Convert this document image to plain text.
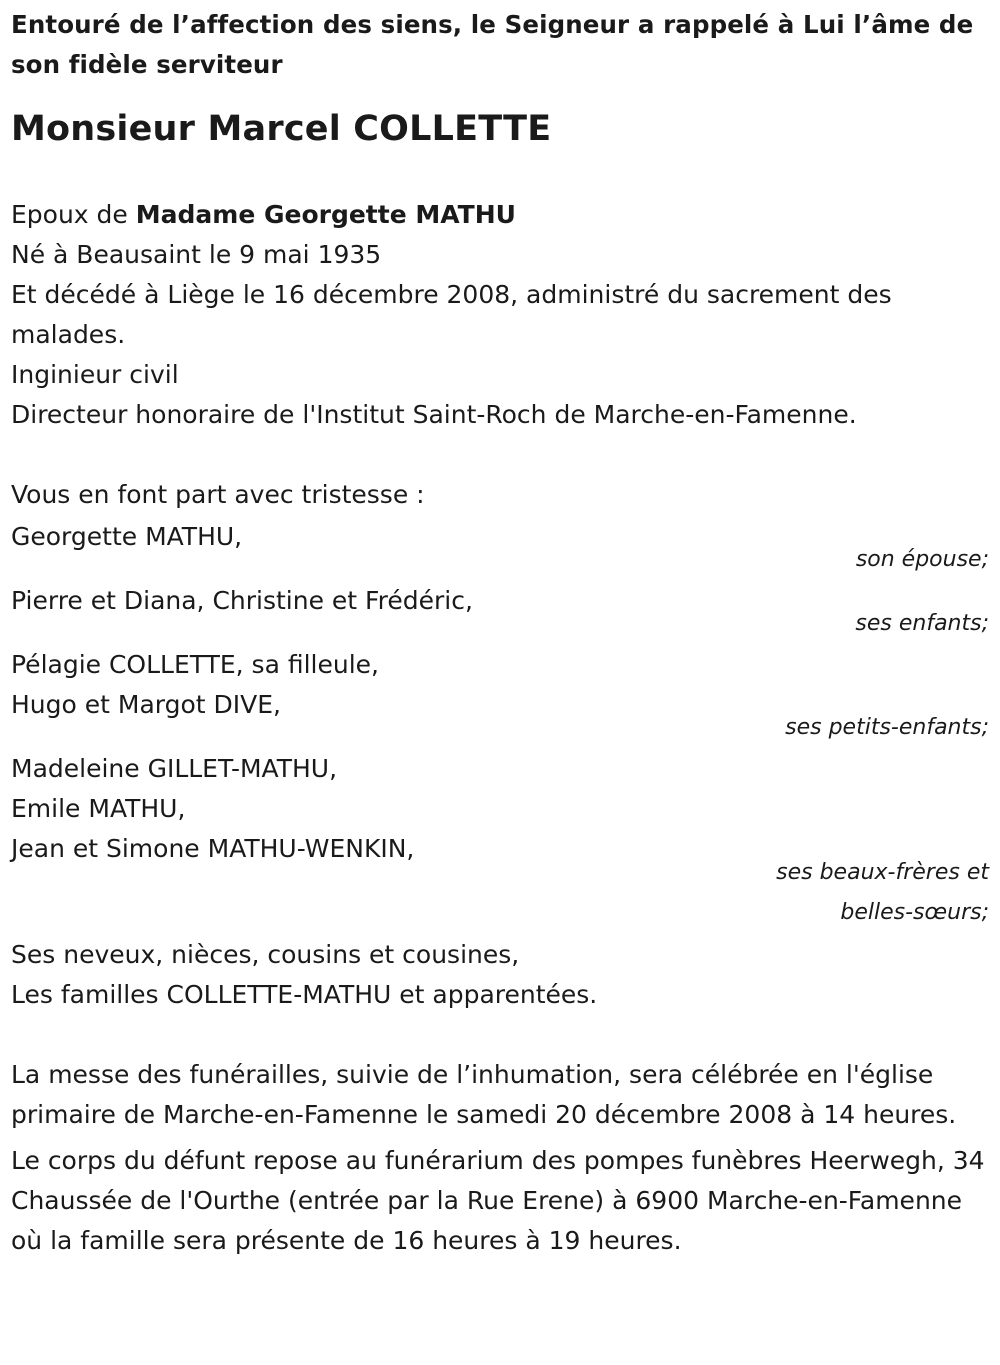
Entouré de l’affection des siens, le Seigneur a rappelé à Lui l’âme de son fidèle serviteur

Monsieur Marcel COLLETTE

Epoux de Madame Georgette MATHU

Né à Beausaint le 9 mai 1935

Et décédé à Liège le 16 décembre 2008, administré du sacrement des malades.

Inginieur civil

Directeur honoraire de l'Institut Saint-Roch de Marche-en-Famenne.

Vous en font part avec tristesse :

Georgette MATHU,

son épouse;

Pierre et Diana, Christine et Frédéric,

ses enfants;

Pélagie COLLETTE, sa filleule,

Hugo et Margot DIVE,

ses petits-enfants;

Madeleine GILLET-MATHU,

Emile MATHU,

Jean et Simone MATHU-WENKIN,

ses beaux-frères et

belles-sœurs;

Ses neveux, nièces, cousins et cousines,

Les familles COLLETTE-MATHU et apparentées.

La messe des funérailles, suivie de l’inhumation, sera célébrée en l'église primaire de Marche-en-Famenne le samedi 20 décembre 2008 à 14 heures.

Le corps du défunt repose au funérarium des pompes funèbres Heerwegh, 34 Chaussée de l'Ourthe (entrée par la Rue Erene) à 6900 Marche-en-Famenne où la famille sera présente de 16 heures à 19 heures.
